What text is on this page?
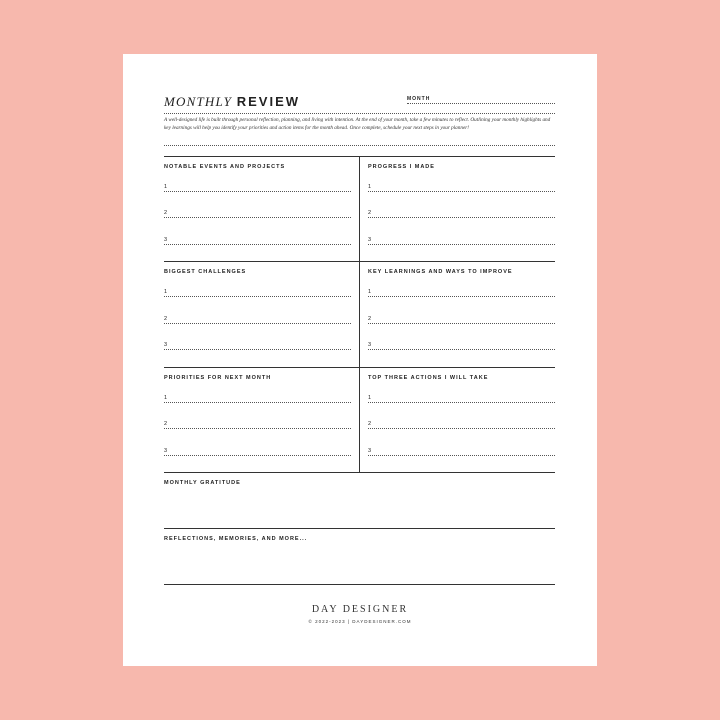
MONTHLY REVIEW	MONTH

A well-designed life is built through personal reflection, planning, and living with intention. At the end of your month, take a few minutes to reflect. Outlining your monthly highlights and key learnings will help you identify your priorities and action items for the month ahead. Once complete, schedule your next steps in your planner!

NOTABLE EVENTS AND PROJECTS
1
2
3
PROGRESS I MADE
1
2
3
BIGGEST CHALLENGES
1
2
3
KEY LEARNINGS AND WAYS TO IMPROVE
1
2
3
PRIORITIES FOR NEXT MONTH
1
2
3
TOP THREE ACTIONS I WILL TAKE
1
2
3
MONTHLY GRATITUDE
REFLECTIONS, MEMORIES, AND MORE...
DAY DESIGNER
© 2022-2023 | DAYDESIGNER.COM
